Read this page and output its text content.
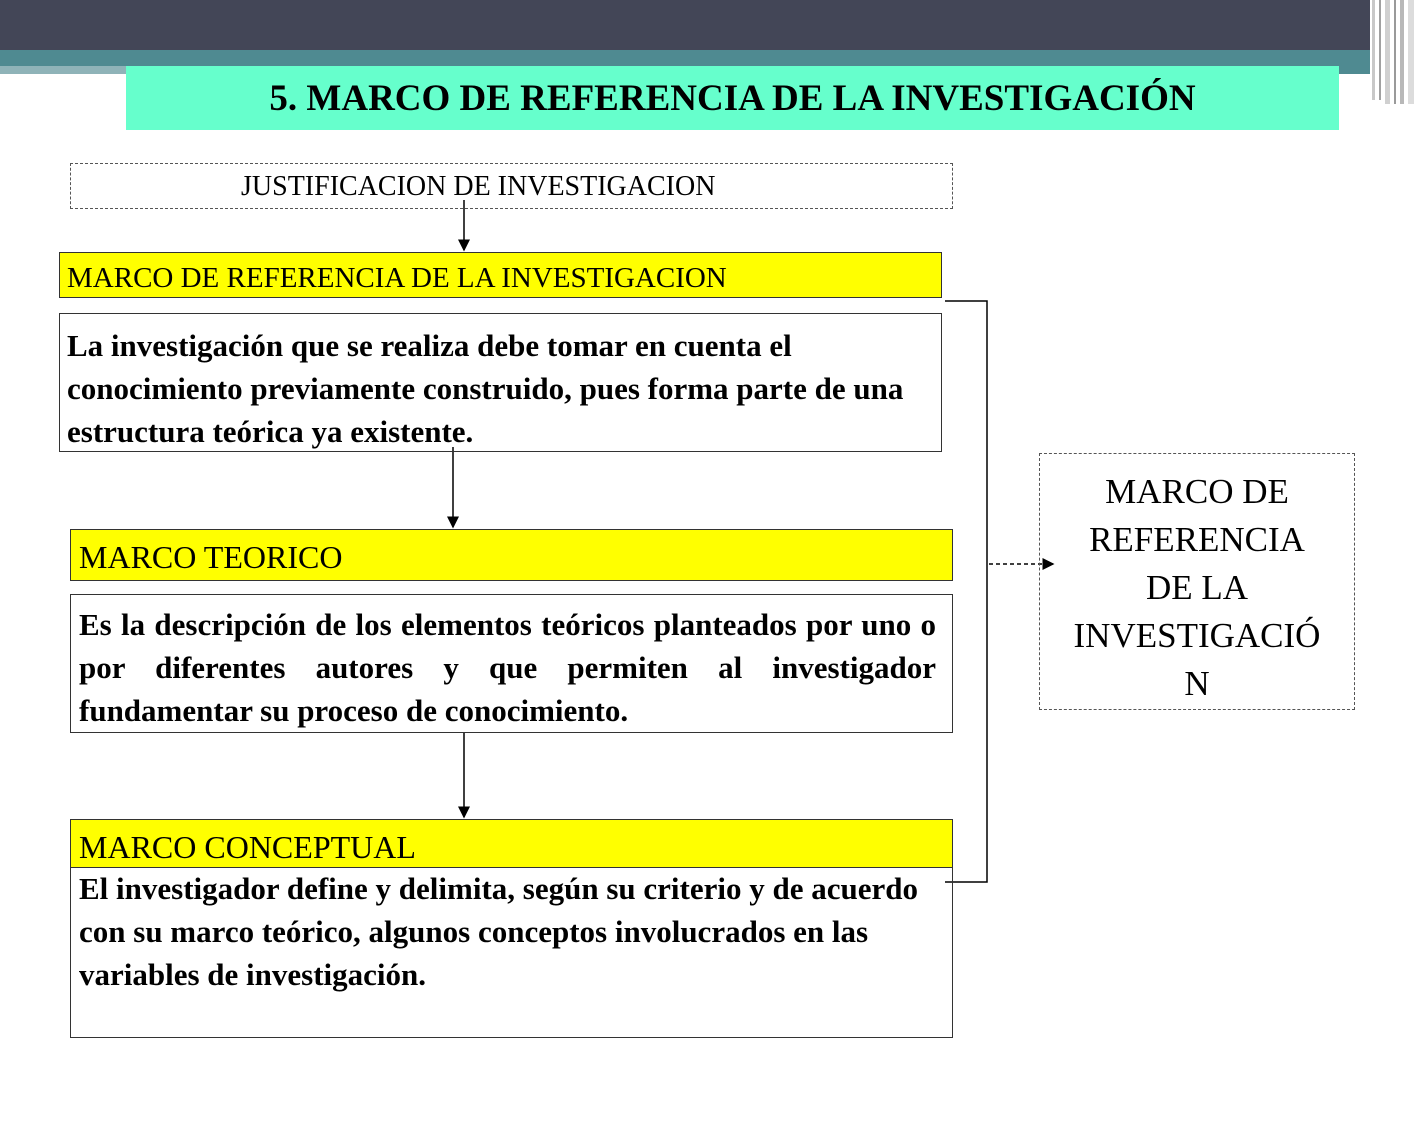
5. MARCO DE REFERENCIA DE LA INVESTIGACIÓN
JUSTIFICACION DE INVESTIGACION
MARCO DE REFERENCIA DE LA INVESTIGACION
La investigación que se realiza debe tomar en cuenta el conocimiento previamente construido, pues forma parte de una estructura teórica ya existente.
MARCO TEORICO
Es la descripción de los elementos teóricos planteados por uno o por diferentes autores y que permiten al investigador fundamentar su proceso de conocimiento.
El investigador define y delimita, según su criterio y de acuerdo con su marco teórico, algunos conceptos involucrados en las variables de investigación.
MARCO CONCEPTUAL
MARCO DE
REFERENCIA
DE LA
INVESTIGACIÓ
N
